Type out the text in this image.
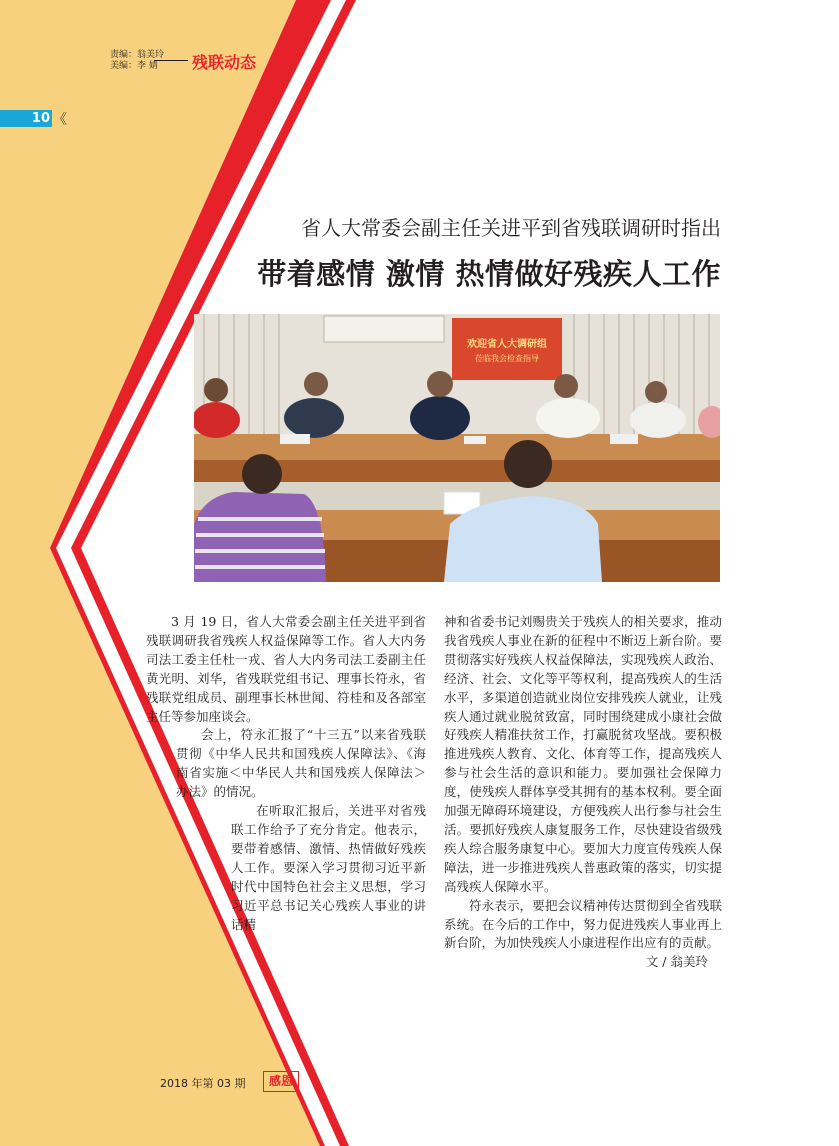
责编：翁美玲
美编：李 婧	残联动态
10 《
省人大常委会副主任关进平到省残联调研时指出
带着感情 激情 热情做好残疾人工作
欢迎省人大调研组
莅临我会检查指导

3 月 19 日，省人大常委会副主任关进平到省残联调研我省残疾人权益保障等工作。省人大内务司法工委主任杜一戎、省人大内务司法工委副主任黄光明、刘华，省残联党组书记、理事长符永，省残联党组成员、副理事长林世闻、符桂和及各部室主任等参加座谈会。

会上，符永汇报了“十三五”以来省残联贯彻《中华人民共和国残疾人保障法》、《海南省实施＜中华民人共和国残疾人保障法＞办法》的情况。

在听取汇报后，关进平对省残联工作给予了充分肯定。他表示，要带着感情、激情、热情做好残疾人工作。要深入学习贯彻习近平新时代中国特色社会主义思想，学习习近平总书记关心残疾人事业的讲话精

神和省委书记刘赐贵关于残疾人的相关要求，推动我省残疾人事业在新的征程中不断迈上新台阶。要贯彻落实好残疾人权益保障法，实现残疾人政治、经济、社会、文化等平等权利，提高残疾人的生活水平，多渠道创造就业岗位安排残疾人就业，让残疾人通过就业脱贫致富，同时围绕建成小康社会做好残疾人精准扶贫工作，打赢脱贫攻坚战。要积极推进残疾人教育、文化、体育等工作，提高残疾人参与社会生活的意识和能力。要加强社会保障力度，使残疾人群体享受其拥有的基本权利。要全面加强无障碍环境建设，方便残疾人出行参与社会生活。要抓好残疾人康复服务工作，尽快建设省级残疾人综合服务康复中心。要加大力度宣传残疾人保障法，进一步推进残疾人普惠政策的落实，切实提高残疾人保障水平。

符永表示，要把会议精神传达贯彻到全省残联系统。在今后的工作中，努力促进残疾人事业再上新台阶，为加快残疾人小康进程作出应有的贡献。
文 / 翁美玲

2018 年第 03 期	感恩
